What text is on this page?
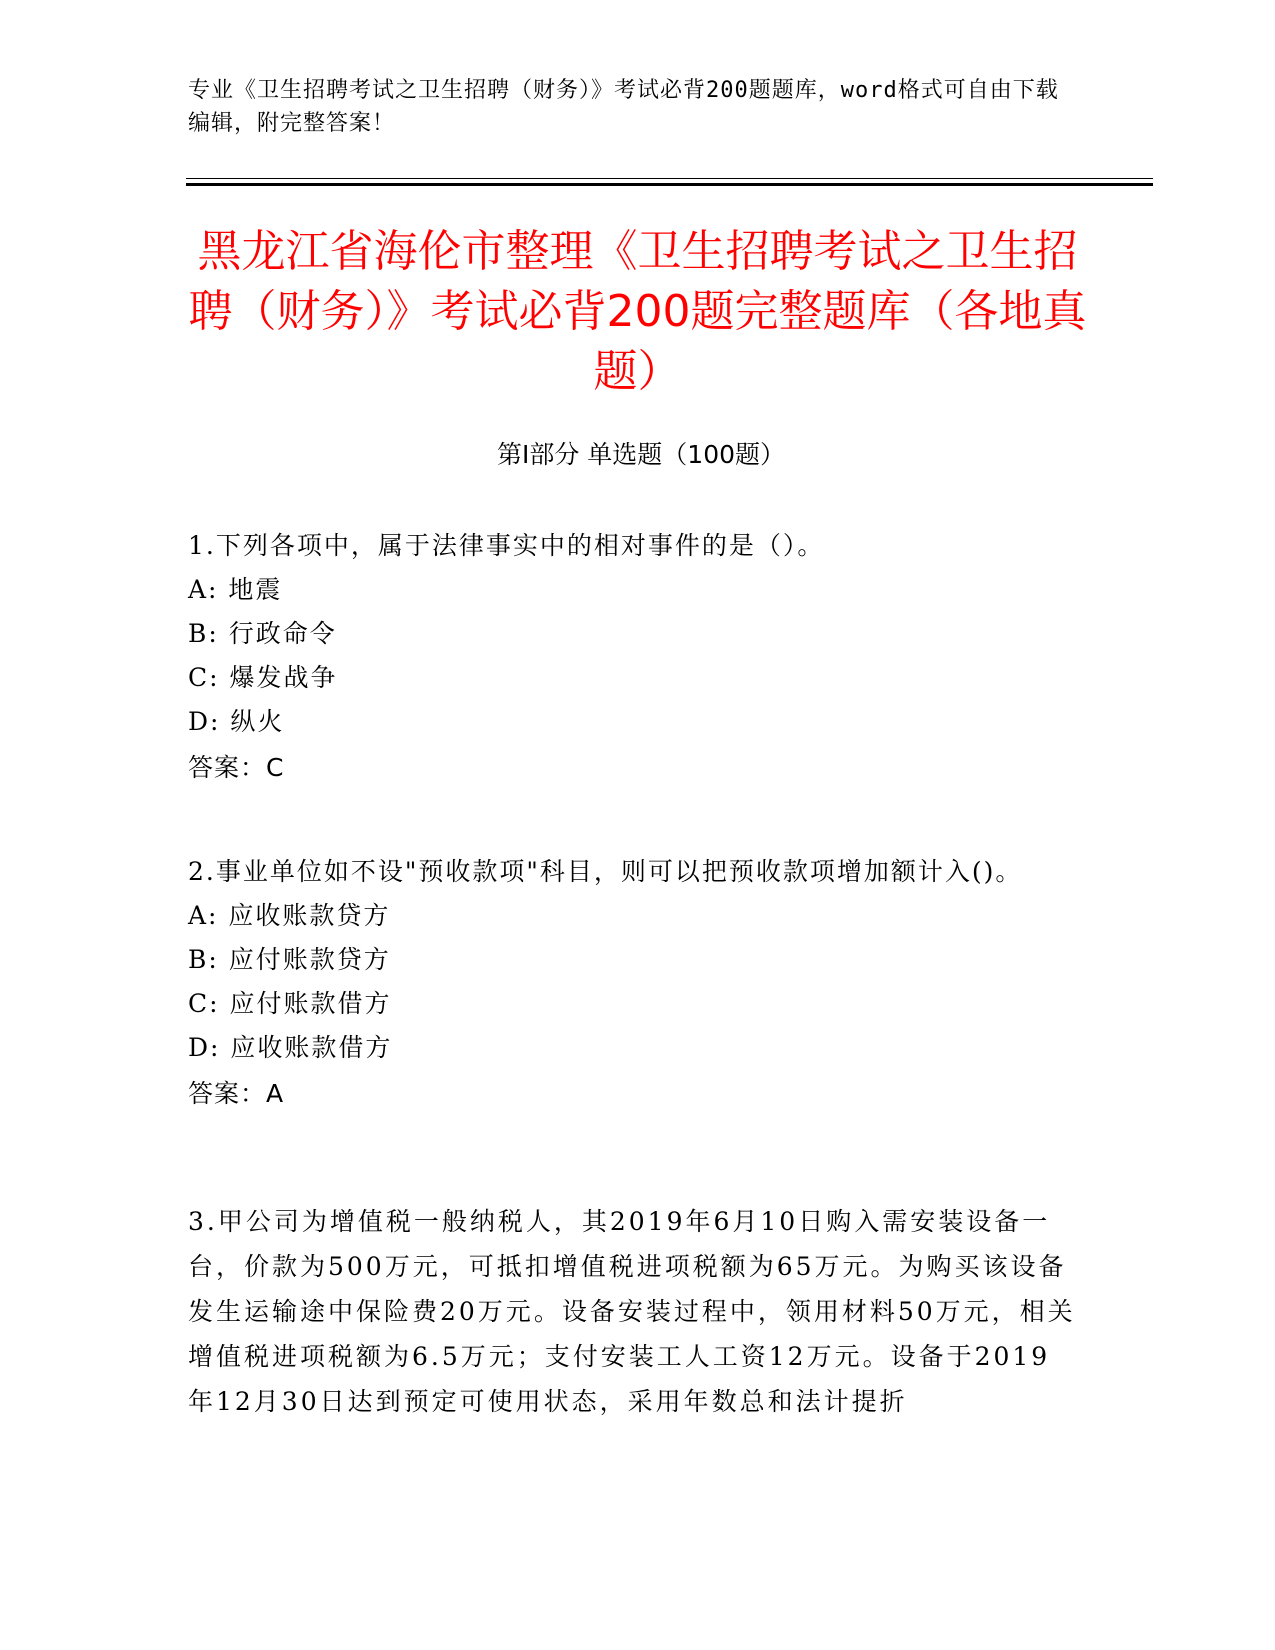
专业《卫生招聘考试之卫生招聘（财务）》考试必背200题题库，word格式可自由下载编辑，附完整答案！
黑龙江省海伦市整理《卫生招聘考试之卫生招聘（财务）》考试必背200题完整题库（各地真题）
第I部分 单选题（100题）
1.下列各项中，属于法律事实中的相对事件的是（）。
A: 地震
B: 行政命令
C: 爆发战争
D: 纵火
答案：C
2.事业单位如不设"预收款项"科目，则可以把预收款项增加额计入()。
A: 应收账款贷方
B: 应付账款贷方
C: 应付账款借方
D: 应收账款借方
答案：A
3.甲公司为增值税一般纳税人，其2019年6月10日购入需安装设备一台，价款为500万元，可抵扣增值税进项税额为65万元。为购买该设备发生运输途中保险费20万元。设备安装过程中，领用材料50万元，相关增值税进项税额为6.5万元；支付安装工人工资12万元。设备于2019年12月30日达到预定可使用状态，采用年数总和法计提折
